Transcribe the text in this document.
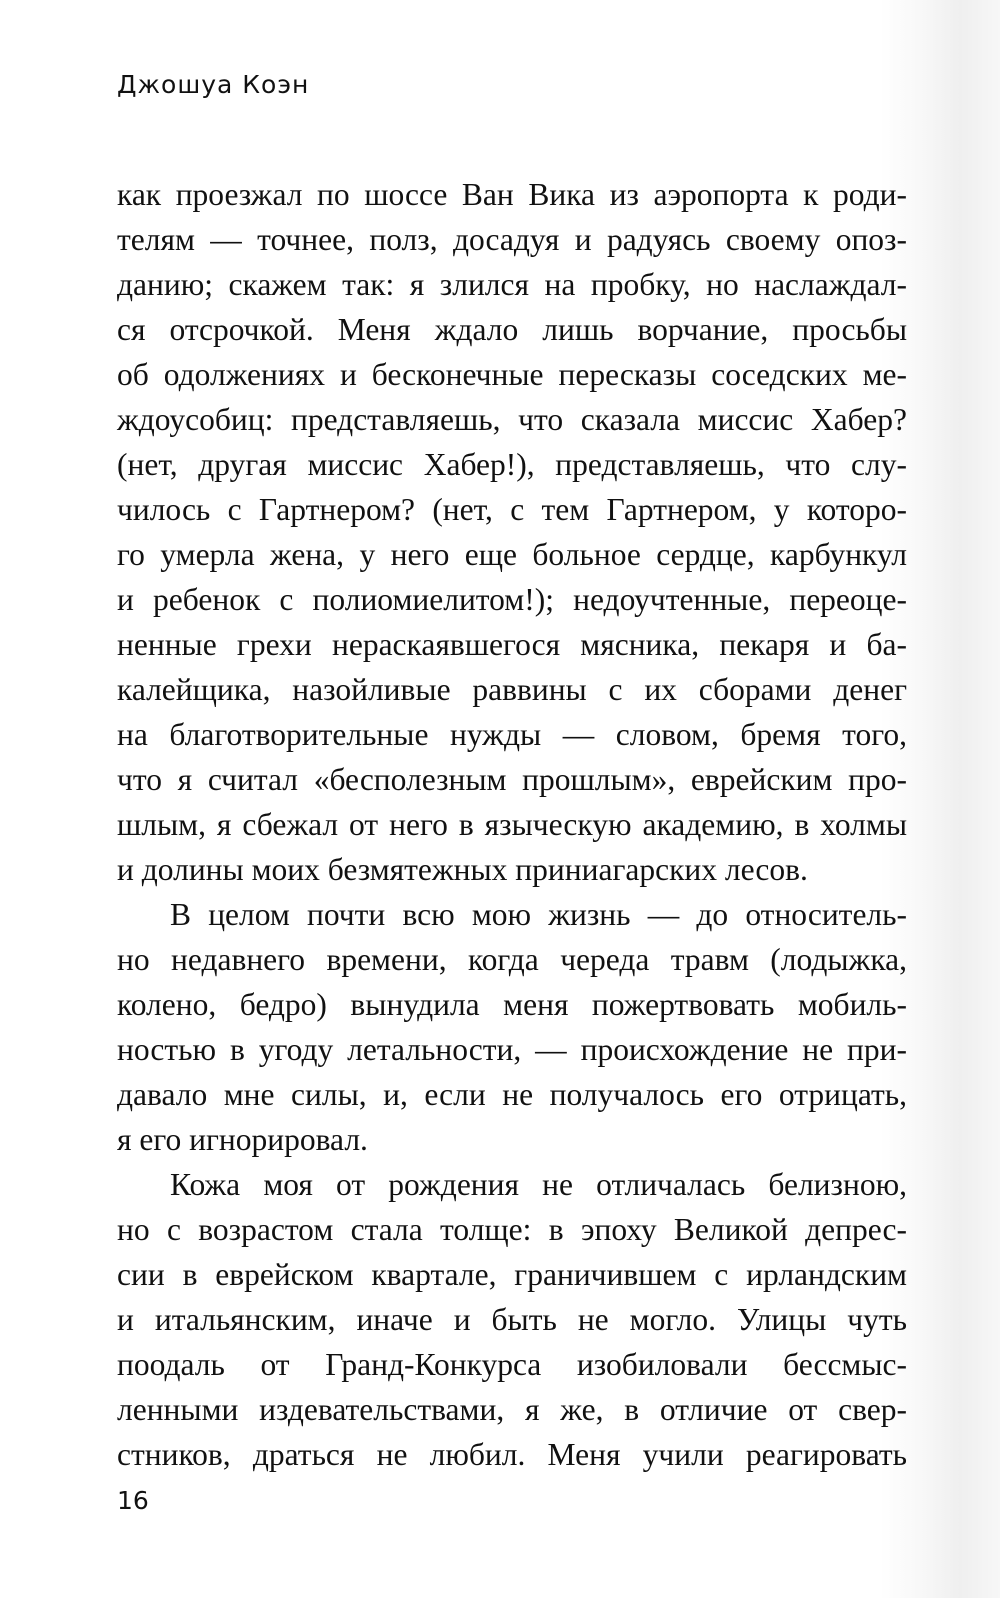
Джошуа Коэн
как проезжал по шоссе Ван Вика из аэропорта к роди-
телям — точнее, полз, досадуя и радуясь своему опоз-
данию; скажем так: я злился на пробку, но наслаждал-
ся отсрочкой. Меня ждало лишь ворчание, просьбы
об одолжениях и бесконечные пересказы соседских ме-
ждоусобиц: представляешь, что сказала миссис Хабер?
(нет, другая миссис Хабер!), представляешь, что слу-
чилось с Гартнером? (нет, с тем Гартнером, у которо-
го умерла жена, у него еще больное сердце, карбункул
и ребенок с полиомиелитом!); недоучтенные, переоце-
ненные грехи нераскаявшегося мясника, пекаря и ба-
калейщика, назойливые раввины с их сборами денег
на благотворительные нужды — словом, бремя того,
что я считал «бесполезным прошлым», еврейским про-
шлым, я сбежал от него в языческую академию, в холмы
и долины моих безмятежных приниагарских лесов.
В целом почти всю мою жизнь — до относитель-
но недавнего времени, когда череда травм (лодыжка,
колено, бедро) вынудила меня пожертвовать мобиль-
ностью в угоду летальности, — происхождение не при-
давало мне силы, и, если не получалось его отрицать,
я его игнорировал.
Кожа моя от рождения не отличалась белизною,
но с возрастом стала толще: в эпоху Великой депрес-
сии в еврейском квартале, граничившем с ирландским
и итальянским, иначе и быть не могло. Улицы чуть
поодаль от Гранд-Конкурса изобиловали бессмыс-
ленными издевательствами, я же, в отличие от свер-
стников, драться не любил. Меня учили реагировать
16
